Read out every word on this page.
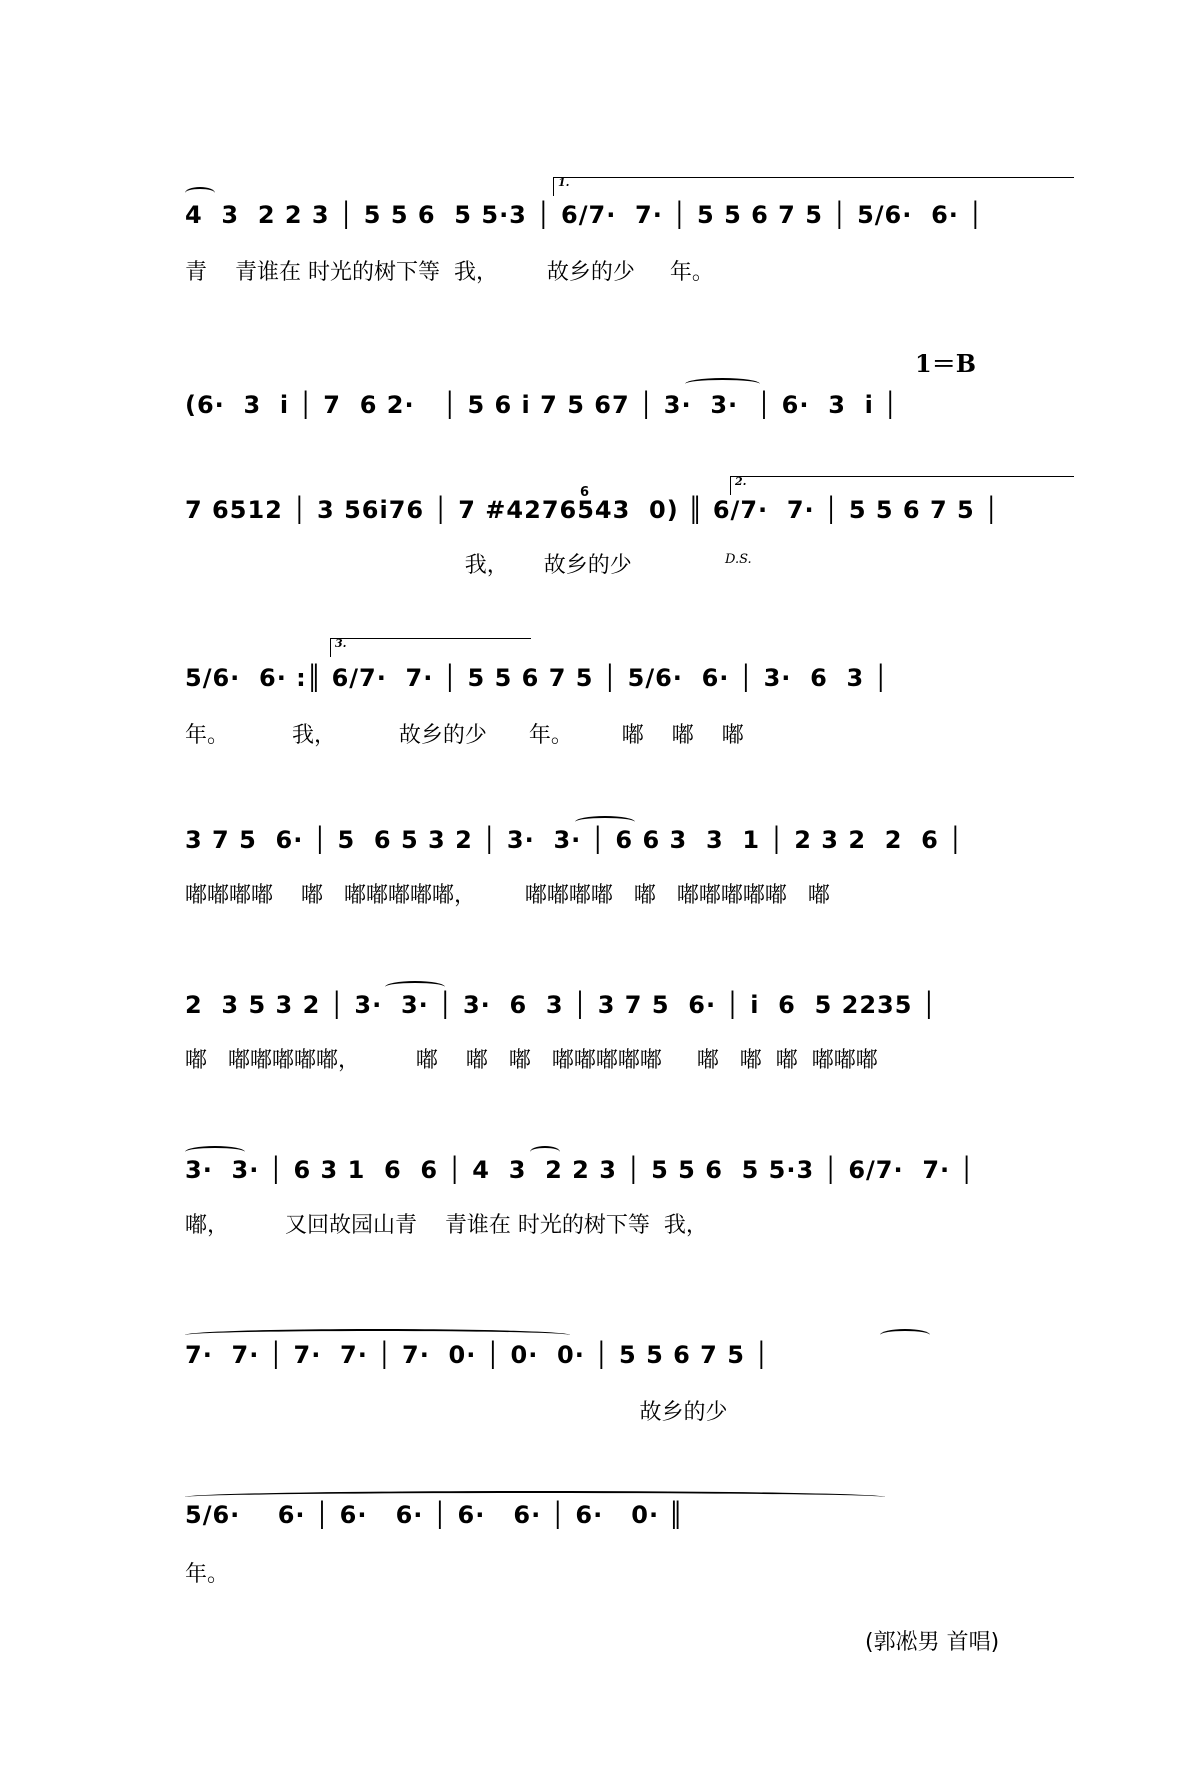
1.
4  3  2 2 3 │ 5 5 6  5 5·3 │ 6/7·  7· │ 5 5 6 7 5 │ 5/6·  6· │
青    青谁在 时光的树下等  我，       故乡的少     年。
1＝B
(6·  3  i │ 7  6 2·   │ 5 6 i 7 5 67 │ 3·  3·  │ 6·  3  i │
2.
6
7 6512 │ 3 56i76 │ 7 #4276543  0) ║ 6/7·  7· │ 5 5 6 7 5 │
D.S.
我，     故乡的少
3.
5/6·  6· :║ 6/7·  7· │ 5 5 6 7 5 │ 5/6·  6· │ 3·  6  3 │
年。         我，         故乡的少      年。       嘟    嘟    嘟
3 7 5  6· │ 5  6 5 3 2 │ 3·  3· │ 6 6 3  3  1 │ 2 3 2  2  6 │
嘟嘟嘟嘟    嘟   嘟嘟嘟嘟嘟，       嘟嘟嘟嘟   嘟   嘟嘟嘟嘟嘟   嘟
2  3 5 3 2 │ 3·  3· │ 3·  6  3 │ 3 7 5  6· │ i  6  5 2235 │
嘟   嘟嘟嘟嘟嘟，        嘟    嘟   嘟   嘟嘟嘟嘟嘟     嘟   嘟  嘟  嘟嘟嘟
3·  3· │ 6 3 1  6  6 │ 4  3  2 2 3 │ 5 5 6  5 5·3 │ 6/7·  7· │
嘟，        又回故园山青    青谁在 时光的树下等  我，
7·  7· │ 7·  7· │ 7·  0· │ 0·  0· │ 5 5 6 7 5 │
故乡的少
5/6·    6· │ 6·   6· │ 6·   6· │ 6·   0· ║
年。
(郭凇男 首唱)
